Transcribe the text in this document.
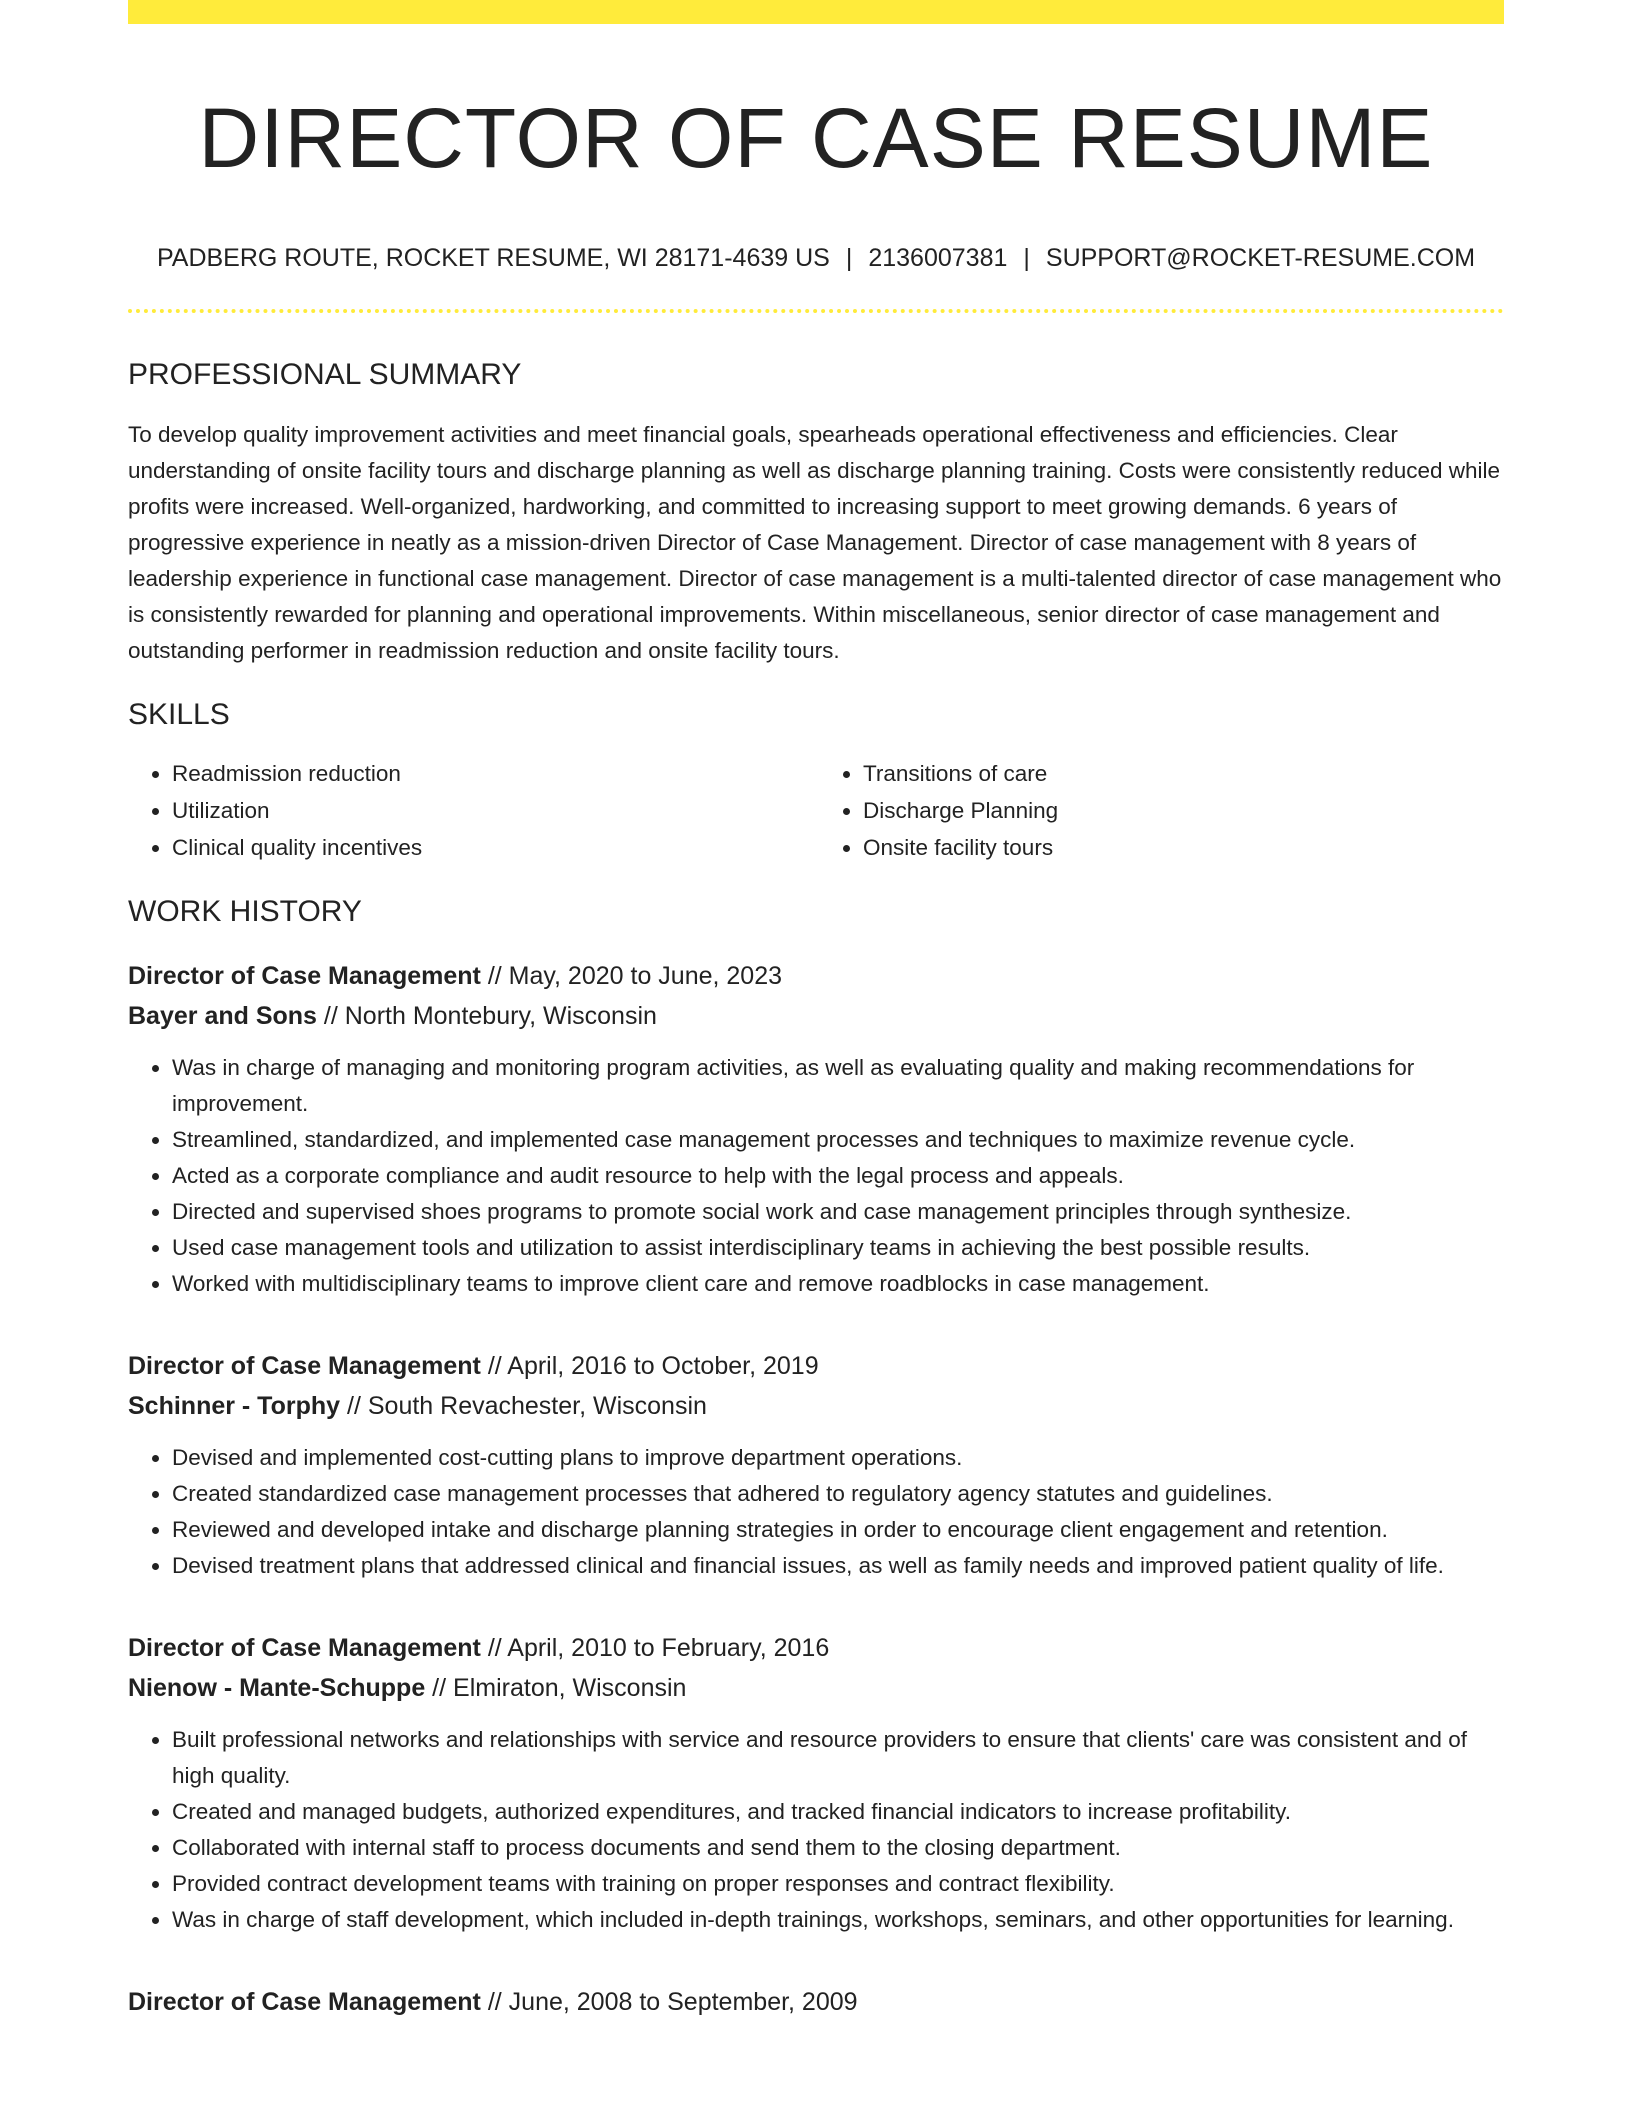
DIRECTOR OF CASE RESUME
PADBERG ROUTE, ROCKET RESUME, WI 28171-4639 US | 2136007381 | SUPPORT@ROCKET-RESUME.COM
PROFESSIONAL SUMMARY

To develop quality improvement activities and meet financial goals, spearheads operational effectiveness and efficiencies. Clear understanding of onsite facility tours and discharge planning as well as discharge planning training. Costs were consistently reduced while profits were increased. Well-organized, hardworking, and committed to increasing support to meet growing demands. 6 years of progressive experience in neatly as a mission-driven Director of Case Management. Director of case management with 8 years of leadership experience in functional case management. Director of case management is a multi-talented director of case management who is consistently rewarded for planning and operational improvements. Within miscellaneous, senior director of case management and outstanding performer in readmission reduction and onsite facility tours.

SKILLS
• Readmission reduction
• Utilization
• Clinical quality incentives
• Transitions of care
• Discharge Planning
• Onsite facility tours
WORK HISTORY
Director of Case Management // May, 2020 to June, 2023
Bayer and Sons // North Montebury, Wisconsin
• Was in charge of managing and monitoring program activities, as well as evaluating quality and making recommendations for improvement.
• Streamlined, standardized, and implemented case management processes and techniques to maximize revenue cycle.
• Acted as a corporate compliance and audit resource to help with the legal process and appeals.
• Directed and supervised shoes programs to promote social work and case management principles through synthesize.
• Used case management tools and utilization to assist interdisciplinary teams in achieving the best possible results.
• Worked with multidisciplinary teams to improve client care and remove roadblocks in case management.
Director of Case Management // April, 2016 to October, 2019
Schinner - Torphy // South Revachester, Wisconsin
• Devised and implemented cost-cutting plans to improve department operations.
• Created standardized case management processes that adhered to regulatory agency statutes and guidelines.
• Reviewed and developed intake and discharge planning strategies in order to encourage client engagement and retention.
• Devised treatment plans that addressed clinical and financial issues, as well as family needs and improved patient quality of life.
Director of Case Management // April, 2010 to February, 2016
Nienow - Mante-Schuppe // Elmiraton, Wisconsin
• Built professional networks and relationships with service and resource providers to ensure that clients' care was consistent and of high quality.
• Created and managed budgets, authorized expenditures, and tracked financial indicators to increase profitability.
• Collaborated with internal staff to process documents and send them to the closing department.
• Provided contract development teams with training on proper responses and contract flexibility.
• Was in charge of staff development, which included in-depth trainings, workshops, seminars, and other opportunities for learning.
Director of Case Management // June, 2008 to September, 2009
